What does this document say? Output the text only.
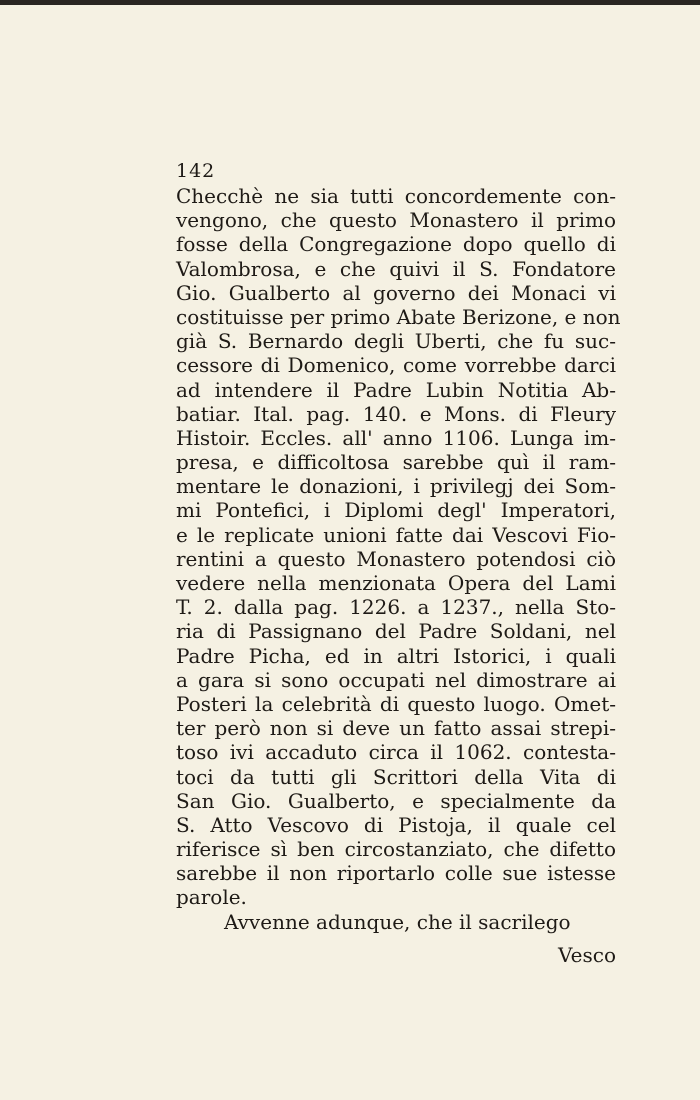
142
Checchè ne sia tutti concordemente con-
vengono, che questo Monastero il primo
fosse della Congregazione dopo quello di
Valombrosa, e che quivi il S. Fondatore
Gio. Gualberto al governo dei Monaci vi
costituisse per primo Abate Berizone, e non
già S. Bernardo degli Uberti, che fu suc-
cessore di Domenico, come vorrebbe darci
ad intendere il Padre Lubin Notitia Ab-
batiar. Ital. pag. 140. e Mons. di Fleury
Histoir. Eccles. all' anno 1106. Lunga im-
presa, e difficoltosa sarebbe quì il ram-
mentare le donazioni, i privilegj dei Som-
mi Pontefici, i Diplomi degl' Imperatori,
e le replicate unioni fatte dai Vescovi Fio-
rentini a questo Monastero potendosi ciò
vedere nella menzionata Opera del Lami
T. 2. dalla pag. 1226. a 1237., nella Sto-
ria di Passignano del Padre Soldani, nel
Padre Picha, ed in altri Istorici, i quali
a gara si sono occupati nel dimostrare ai
Posteri la celebrità di questo luogo. Omet-
ter però non si deve un fatto assai strepi-
toso ivi accaduto circa il 1062. contesta-
toci da tutti gli Scrittori della Vita di
San Gio. Gualberto, e specialmente da
S. Atto Vescovo di Pistoja, il quale cel
riferisce sì ben circostanziato, che difetto
sarebbe il non riportarlo colle sue istesse
parole.
Avvenne adunque, che il sacrilego
Vesco
